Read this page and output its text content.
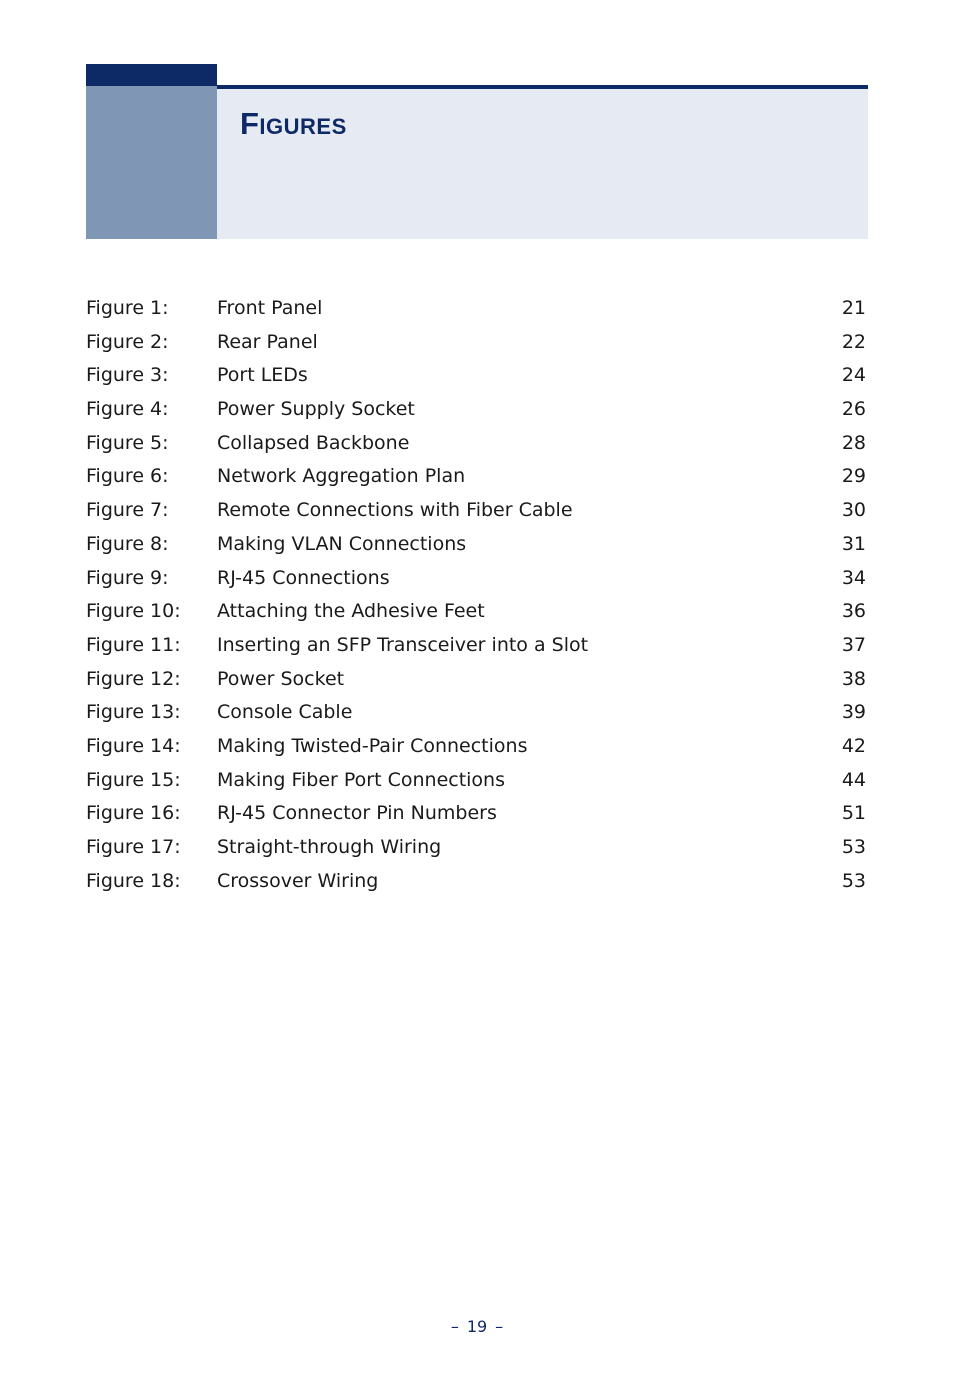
Figures
Figure 1:	Front Panel	21
Figure 2:	Rear Panel	22
Figure 3:	Port LEDs	24
Figure 4:	Power Supply Socket	26
Figure 5:	Collapsed Backbone	28
Figure 6:	Network Aggregation Plan	29
Figure 7:	Remote Connections with Fiber Cable	30
Figure 8:	Making VLAN Connections	31
Figure 9:	RJ-45 Connections	34
Figure 10: Attaching the Adhesive Feet	36
Figure 11: Inserting an SFP Transceiver into a Slot	37
Figure 12: Power Socket	38
Figure 13: Console Cable	39
Figure 14: Making Twisted-Pair Connections	42
Figure 15: Making Fiber Port Connections	44
Figure 16: RJ-45 Connector Pin Numbers	51
Figure 17: Straight-through Wiring	53
Figure 18: Crossover Wiring	53
– 19 –
